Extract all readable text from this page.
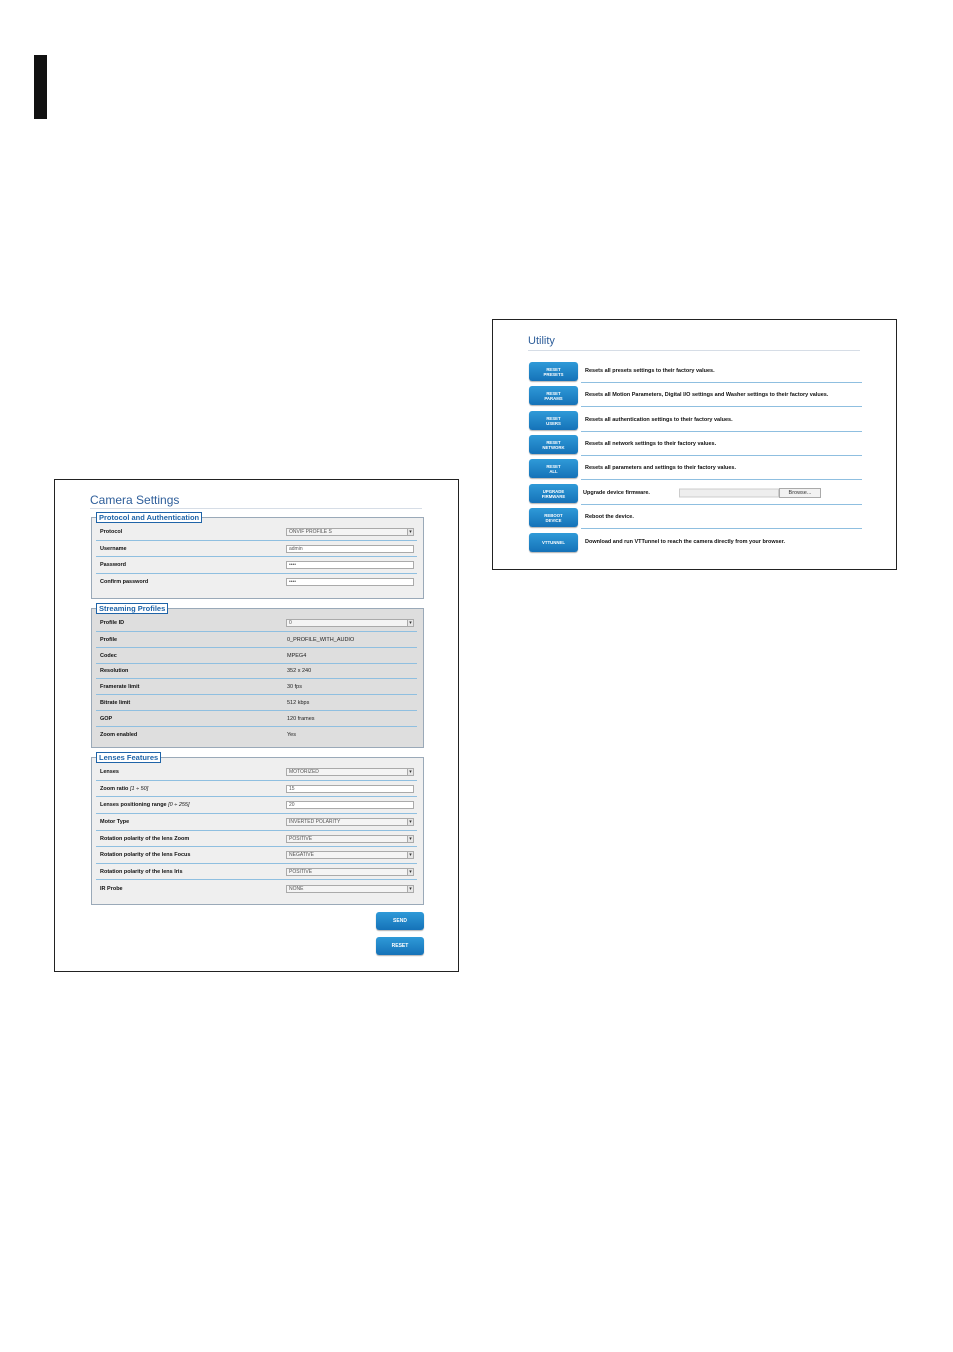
Camera Settings
Protocol and Authentication
Protocol	ONVIF PROFILE S ▾
Username	admin
Password	••••
Confirm password	••••
Streaming Profiles
Profile ID	0 ▾
Profile	0_PROFILE_WITH_AUDIO
Codec	MPEG4
Resolution	352 x 240
Framerate limit	30 fps
Bitrate limit	512 kbps
GOP	120 frames
Zoom enabled	Yes
Lenses Features
Lenses	MOTORIZED ▾
Zoom ratio [1 ÷ 50]	15
Lenses positioning range [0 ÷ 255]	20
Motor Type	INVERTED POLARITY ▾
Rotation polarity of the lens Zoom	POSITIVE ▾
Rotation polarity of the lens Focus	NEGATIVE ▾
Rotation polarity of the lens Iris	POSITIVE ▾
IR Probe	NONE ▾
SEND
RESET
Utility
RESET
PRESETS	Resets all presets settings to their factory values.
RESET
PARAMS	Resets all Motion Parameters, Digital I/O settings and Washer settings to their factory values.
RESET
USERS	Resets all authentication settings to their factory values.
RESET
NETWORK	Resets all network settings to their factory values.
RESET
ALL	Resets all parameters and settings to their factory values.
UPGRADE
FIRMWARE	Upgrade device firmware.	Browse...
REBOOT
DEVICE	Reboot the device.
VTTUNNEL	Download and run VTTunnel to reach the camera directly from your browser.
